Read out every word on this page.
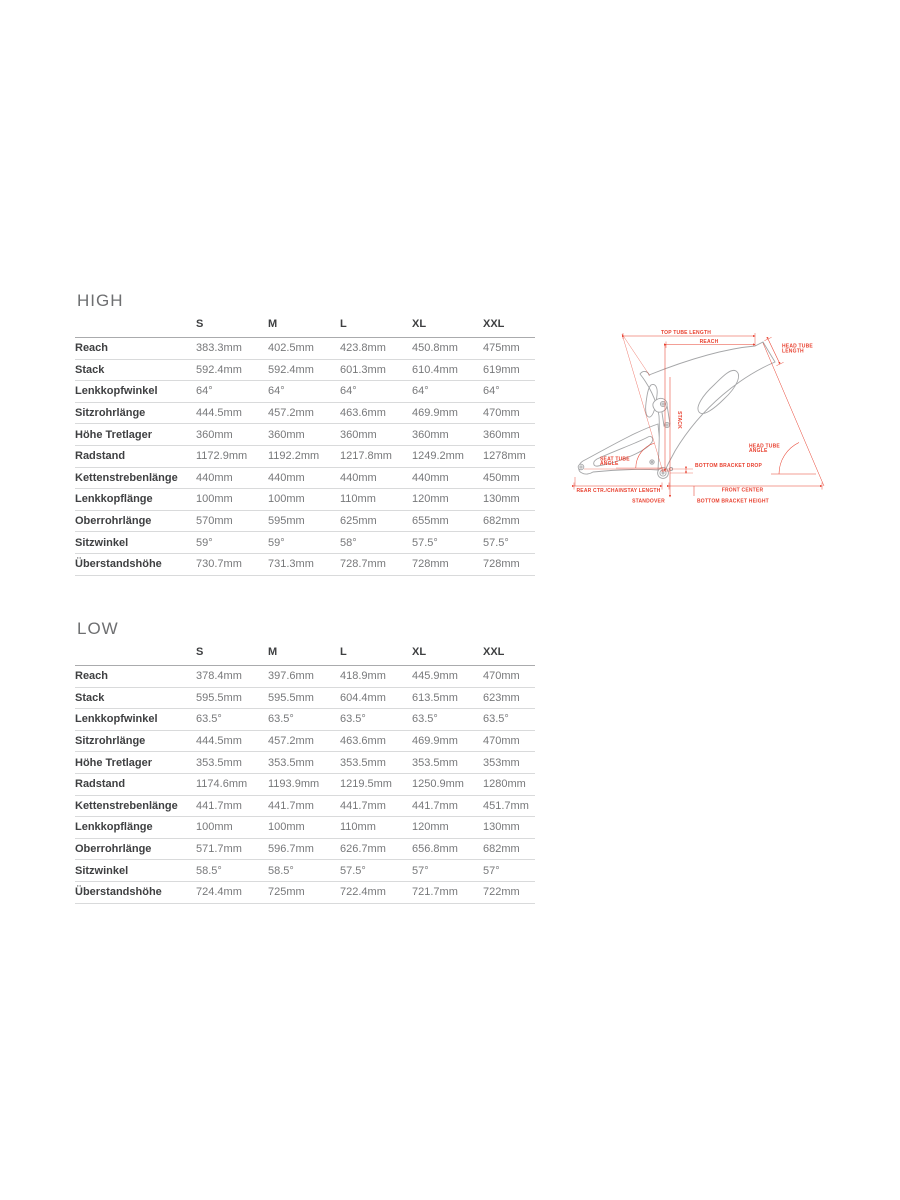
HIGH
	S	M	L	XL	XXL
Reach	383.3mm	402.5mm	423.8mm	450.8mm	475mm
Stack	592.4mm	592.4mm	601.3mm	610.4mm	619mm
Lenkkopfwinkel	64°	64°	64°	64°	64°
Sitzrohrlänge	444.5mm	457.2mm	463.6mm	469.9mm	470mm
Höhe Tretlager	360mm	360mm	360mm	360mm	360mm
Radstand	1172.9mm	1192.2mm	1217.8mm	1249.2mm	1278mm
Kettenstrebenlänge	440mm	440mm	440mm	440mm	450mm
Lenkkopflänge	100mm	100mm	110mm	120mm	130mm
Oberrohrlänge	570mm	595mm	625mm	655mm	682mm
Sitzwinkel	59°	59°	58°	57.5°	57.5°
Überstandshöhe	730.7mm	731.3mm	728.7mm	728mm	728mm
LOW
	S	M	L	XL	XXL
Reach	378.4mm	397.6mm	418.9mm	445.9mm	470mm
Stack	595.5mm	595.5mm	604.4mm	613.5mm	623mm
Lenkkopfwinkel	63.5°	63.5°	63.5°	63.5°	63.5°
Sitzrohrlänge	444.5mm	457.2mm	463.6mm	469.9mm	470mm
Höhe Tretlager	353.5mm	353.5mm	353.5mm	353.5mm	353mm
Radstand	1174.6mm	1193.9mm	1219.5mm	1250.9mm	1280mm
Kettenstrebenlänge	441.7mm	441.7mm	441.7mm	441.7mm	451.7mm
Lenkkopflänge	100mm	100mm	110mm	120mm	130mm
Oberrohrlänge	571.7mm	596.7mm	626.7mm	656.8mm	682mm
Sitzwinkel	58.5°	58.5°	57.5°	57°	57°
Überstandshöhe	724.4mm	725mm	722.4mm	721.7mm	722mm
TOP TUBE LENGTH
REACH
HEAD TUBE
LENGTH
STACK
SEAT TUBE
ANGLE
HEAD TUBE
ANGLE
BOTTOM BRACKET DROP
REAR CTR./CHAINSTAY LENGTH	FRONT CENTER
STANDOVER	BOTTOM BRACKET HEIGHT
